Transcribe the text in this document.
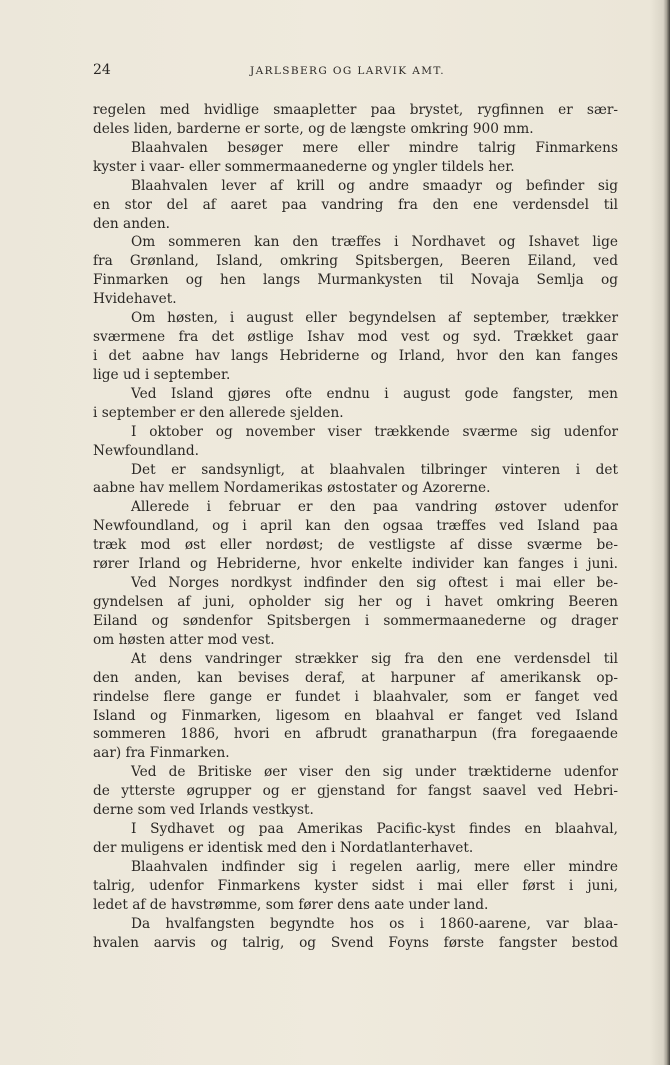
24	JARLSBERG OG LARVIK AMT.
regelen med hvidlige smaapletter paa brystet, rygfinnen er sær-
deles liden, barderne er sorte, og de længste omkring 900 mm.
Blaahvalen besøger mere eller mindre talrig Finmarkens
kyster i vaar- eller sommermaanederne og yngler tildels her.
Blaahvalen lever af krill og andre smaadyr og befinder sig
en stor del af aaret paa vandring fra den ene verdensdel til
den anden.
Om sommeren kan den træffes i Nordhavet og Ishavet lige
fra Grønland, Island, omkring Spitsbergen, Beeren Eiland, ved
Finmarken og hen langs Murmankysten til Novaja Semlja og
Hvidehavet.
Om høsten, i august eller begyndelsen af september, trækker
sværmene fra det østlige Ishav mod vest og syd. Trækket gaar
i det aabne hav langs Hebriderne og Irland, hvor den kan fanges
lige ud i september.
Ved Island gjøres ofte endnu i august gode fangster, men
i september er den allerede sjelden.
I oktober og november viser trækkende sværme sig udenfor
Newfoundland.
Det er sandsynligt, at blaahvalen tilbringer vinteren i det
aabne hav mellem Nordamerikas østostater og Azorerne.
Allerede i februar er den paa vandring østover udenfor
Newfoundland, og i april kan den ogsaa træffes ved Island paa
træk mod øst eller nordøst; de vestligste af disse sværme be-
rører Irland og Hebriderne, hvor enkelte individer kan fanges i juni.
Ved Norges nordkyst indfinder den sig oftest i mai eller be-
gyndelsen af juni, opholder sig her og i havet omkring Beeren
Eiland og søndenfor Spitsbergen i sommermaanederne og drager
om høsten atter mod vest.
At dens vandringer strækker sig fra den ene verdensdel til
den anden, kan bevises deraf, at harpuner af amerikansk op-
rindelse flere gange er fundet i blaahvaler, som er fanget ved
Island og Finmarken, ligesom en blaahval er fanget ved Island
sommeren 1886, hvori en afbrudt granatharpun (fra foregaaende
aar) fra Finmarken.
Ved de Britiske øer viser den sig under træktiderne udenfor
de ytterste øgrupper og er gjenstand for fangst saavel ved Hebri-
derne som ved Irlands vestkyst.
I Sydhavet og paa Amerikas Pacific-kyst findes en blaahval,
der muligens er identisk med den i Nordatlanterhavet.
Blaahvalen indfinder sig i regelen aarlig, mere eller mindre
talrig, udenfor Finmarkens kyster sidst i mai eller først i juni,
ledet af de havstrømme, som fører dens aate under land.
Da hvalfangsten begyndte hos os i 1860-aarene, var blaa-
hvalen aarvis og talrig, og Svend Foyns første fangster bestod
